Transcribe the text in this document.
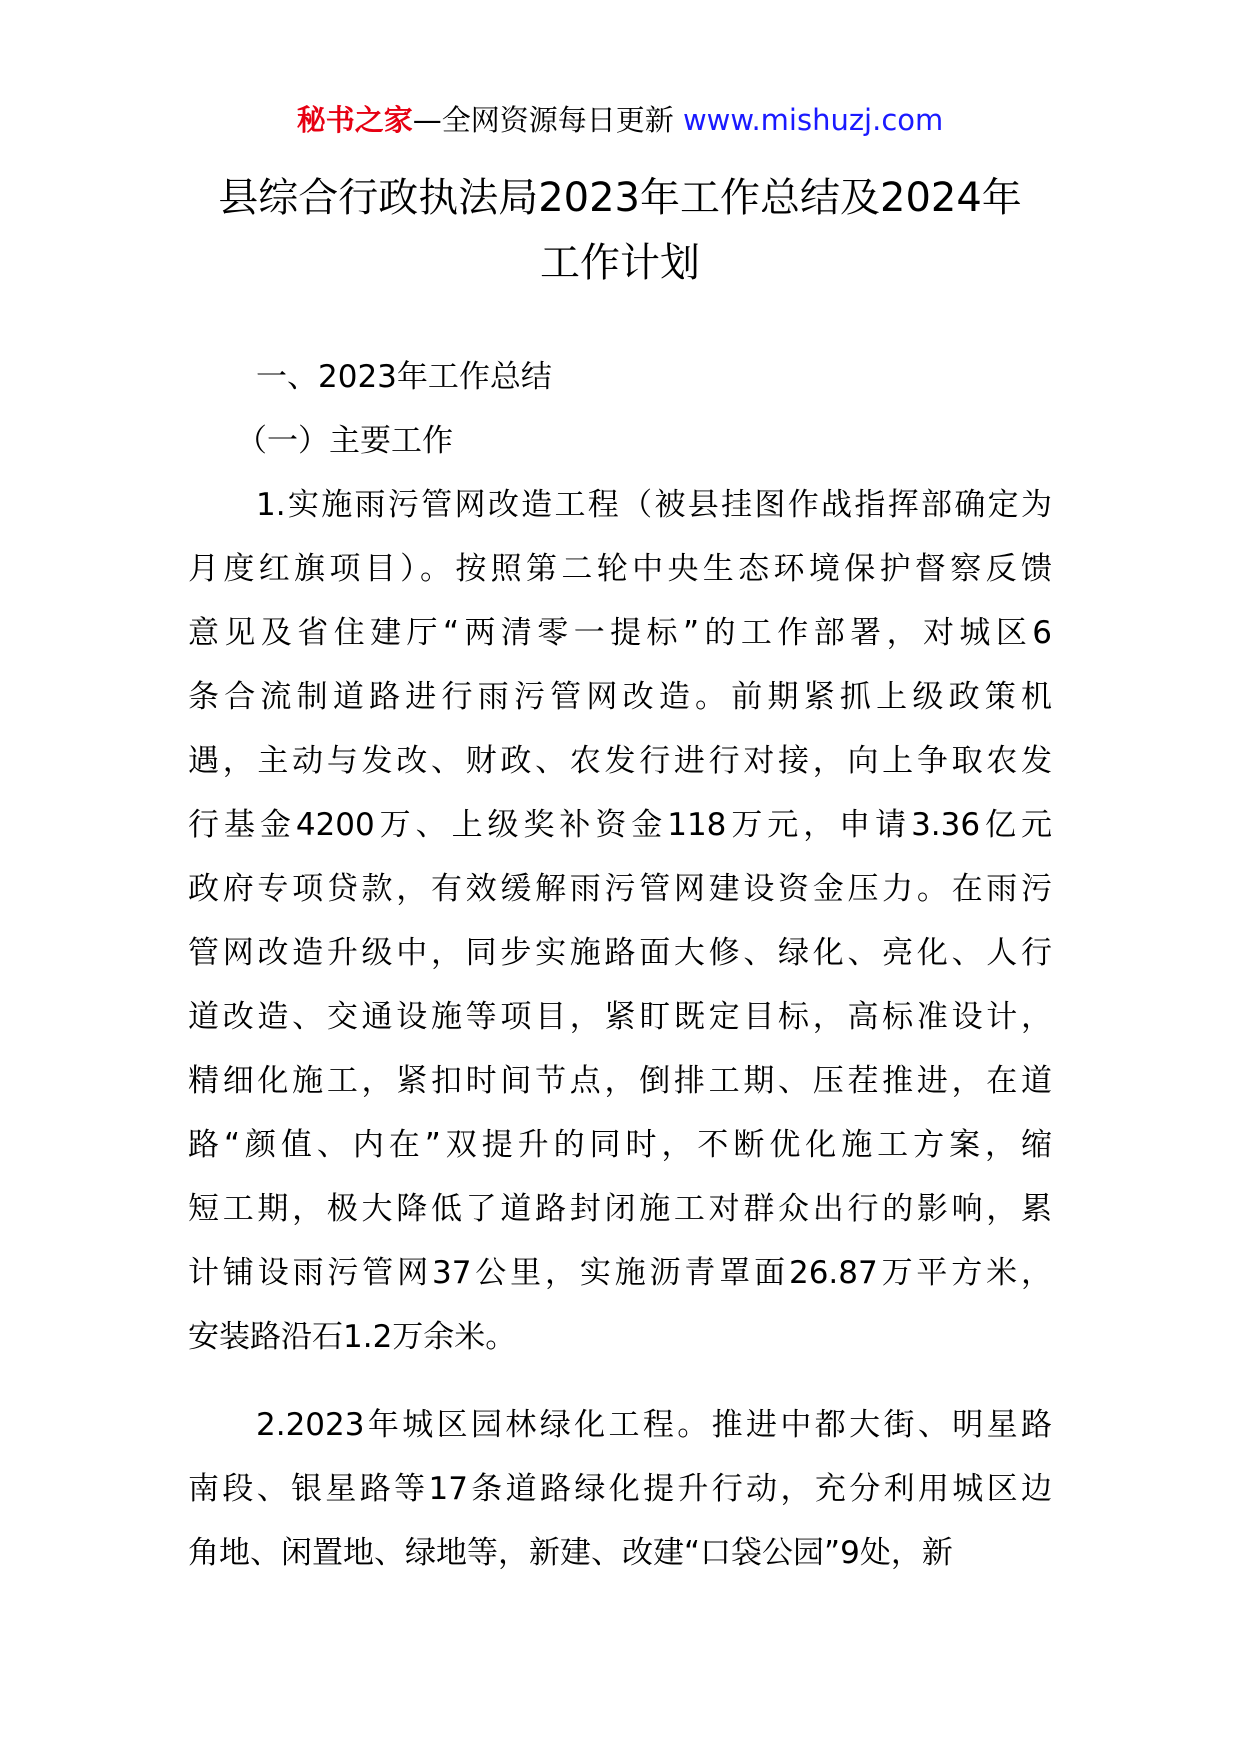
秘书之家—全网资源每日更新 www.mishuzj.com
县综合行政执法局2023年工作总结及2024年
工作计划
一、2023年工作总结
（一）主要工作
1.实施雨污管网改造工程（被县挂图作战指挥部确定为
月度红旗项目）。按照第二轮中央生态环境保护督察反馈
意见及省住建厅“两清零一提标”的工作部署，对城区6
条合流制道路进行雨污管网改造。前期紧抓上级政策机
遇，主动与发改、财政、农发行进行对接，向上争取农发
行基金4200万、上级奖补资金118万元，申请3.36亿元
政府专项贷款，有效缓解雨污管网建设资金压力。在雨污
管网改造升级中，同步实施路面大修、绿化、亮化、人行
道改造、交通设施等项目，紧盯既定目标，高标准设计，
精细化施工，紧扣时间节点，倒排工期、压茬推进，在道
路“颜值、内在”双提升的同时，不断优化施工方案，缩
短工期，极大降低了道路封闭施工对群众出行的影响，累
计铺设雨污管网37公里，实施沥青罩面26.87万平方米，
安装路沿石1.2万余米。
2.2023年城区园林绿化工程。推进中都大街、明星路
南段、银星路等17条道路绿化提升行动，充分利用城区边
角地、闲置地、绿地等，新建、改建“口袋公园”9处，新
